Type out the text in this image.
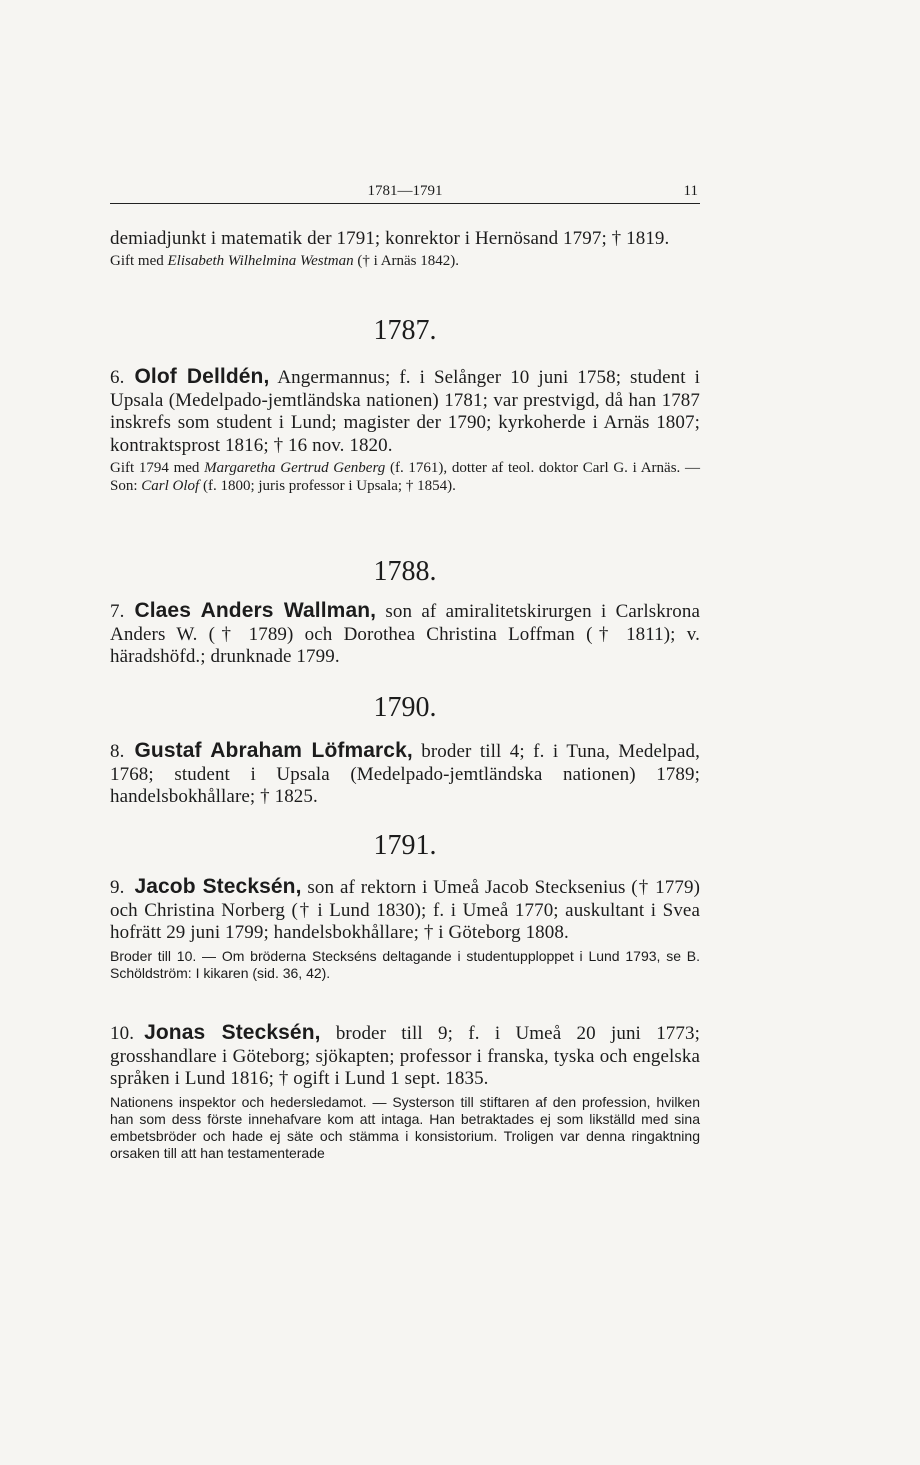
1781—1791	11
demiadjunkt i matematik der 1791; konrektor i Hernösand 1797; † 1819.
Gift med Elisabeth Wilhelmina Westman († i Arnäs 1842).
1787.
6. Olof Delldén, Angermannus; f. i Selånger 10 juni 1758; student i Upsala (Medelpado-jemtländska nationen) 1781; var prestvigd, då han 1787 inskrefs som student i Lund; magister der 1790; kyrkoherde i Arnäs 1807; kontraktsprost 1816; † 16 nov. 1820.
Gift 1794 med Margaretha Gertrud Genberg (f. 1761), dotter af teol. doktor Carl G. i Arnäs. — Son: Carl Olof (f. 1800; juris professor i Upsala; † 1854).
1788.
7. Claes Anders Wallman, son af amiralitetskirurgen i Carlskrona Anders W. († 1789) och Dorothea Christina Loffman († 1811); v. häradshöfd.; drunknade 1799.
1790.
8. Gustaf Abraham Löfmarck, broder till 4; f. i Tuna, Medelpad, 1768; student i Upsala (Medelpado-jemtländska nationen) 1789; handelsbokhållare; † 1825.
1791.
9. Jacob Stecksén, son af rektorn i Umeå Jacob Stecksenius († 1779) och Christina Norberg († i Lund 1830); f. i Umeå 1770; auskultant i Svea hofrätt 29 juni 1799; handelsbokhållare; † i Göteborg 1808.
Broder till 10. — Om bröderna Steckséns deltagande i studentupploppet i Lund 1793, se B. Schöldström: I kikaren (sid. 36, 42).
10. Jonas Stecksén, broder till 9; f. i Umeå 20 juni 1773; grosshandlare i Göteborg; sjökapten; professor i franska, tyska och engelska språken i Lund 1816; † ogift i Lund 1 sept. 1835.
Nationens inspektor och hedersledamot. — Systerson till stiftaren af den profession, hvilken han som dess förste innehafvare kom att intaga. Han betraktades ej som likställd med sina embetsbröder och hade ej säte och stämma i konsistorium. Troligen var denna ringaktning orsaken till att han testamenterade
